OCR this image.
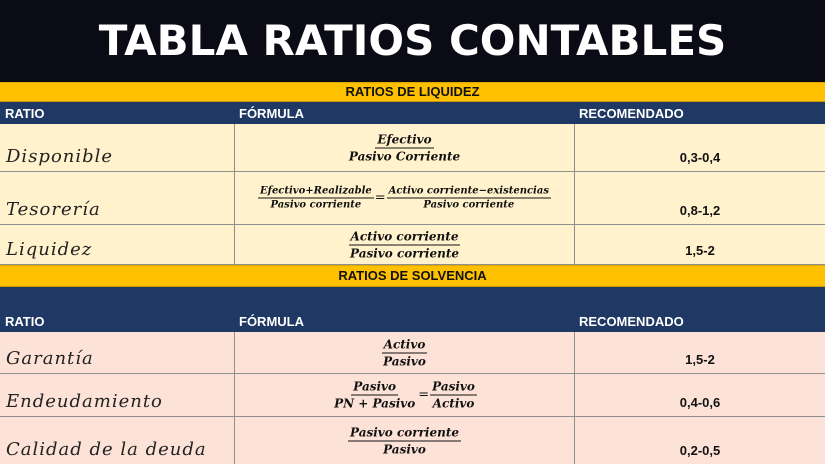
TABLA RATIOS CONTABLES
RATIOS DE LIQUIDEZ
RATIO	FÓRMULA	RECOMENDADO
Disponible	$\frac{\text{Efectivo}}{\text{Pasivo Corriente}}$	0,3-0,4
Tesorería	$\frac{\text{Efectivo+Realizable}}{\text{Pasivo corriente}} = \frac{\text{Activo corriente−existencias}}{\text{Pasivo corriente}}$	0,8-1,2
Liquidez	$\frac{\text{Activo corriente}}{\text{Pasivo corriente}}$	1,5-2
RATIOS DE SOLVENCIA
RATIO	FÓRMULA	RECOMENDADO
Garantía	$\frac{\text{Activo}}{\text{Pasivo}}$	1,5-2
Endeudamiento	$\frac{\text{Pasivo}}{\text{PN + Pasivo}} = \frac{\text{Pasivo}}{\text{Activo}}$	0,4-0,6
Calidad de la deuda	$\frac{\text{Pasivo corriente}}{\text{Pasivo}}$	0,2-0,5
